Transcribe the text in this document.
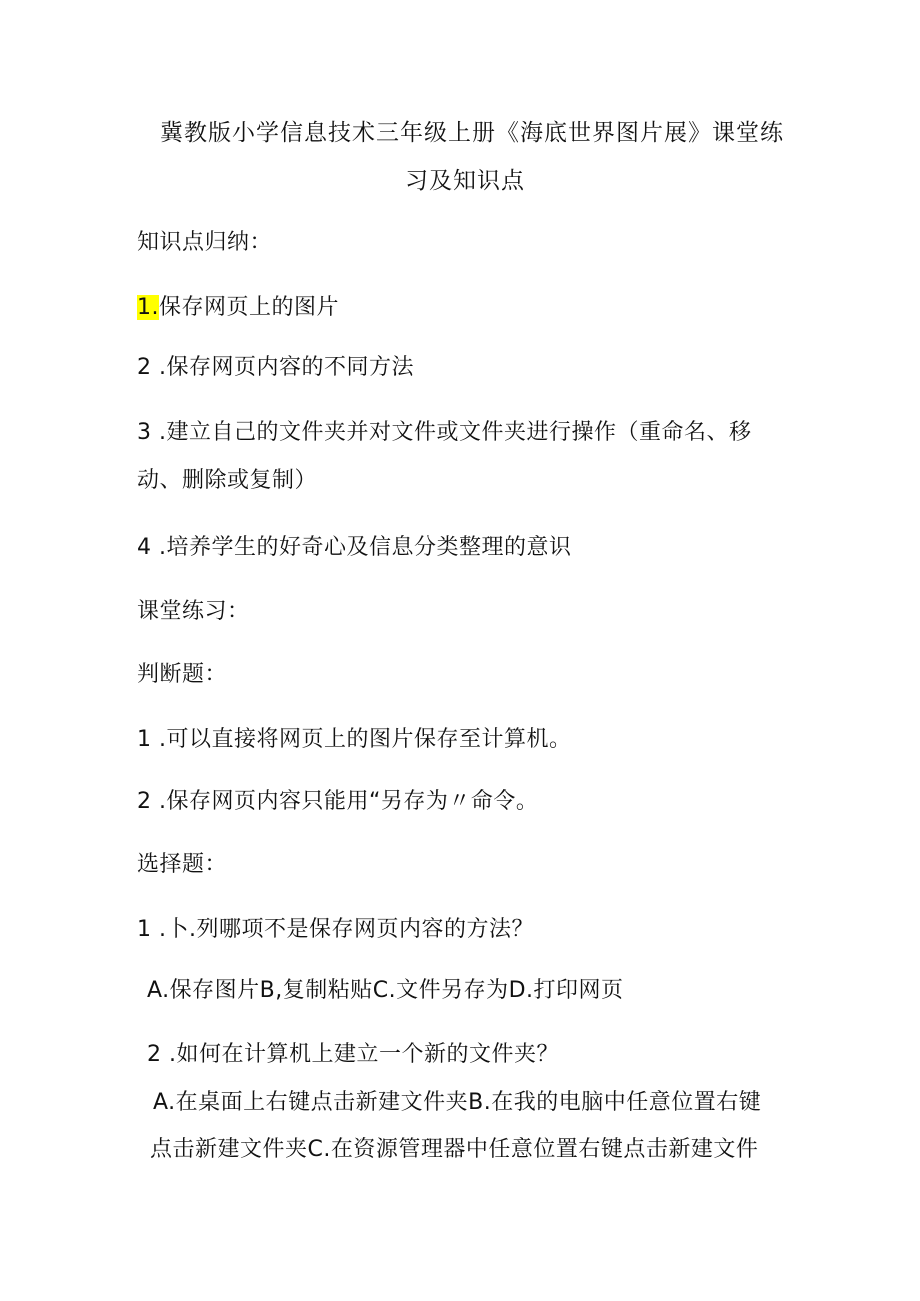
冀教版小学信息技术三年级上册《海底世界图片展》课堂练
习及知识点
知识点归纳：
1.保存网页上的图片
2 .保存网页内容的不同方法
3 .建立自己的文件夹并对文件或文件夹进行操作（重命名、移
动、删除或复制）
4 .培养学生的好奇心及信息分类整理的意识
课堂练习：
判断题：
1 .可以直接将网页上的图片保存至计算机。
2 .保存网页内容只能用“另存为〃命令。
选择题：
1 .卜.列哪项不是保存网页内容的方法？
A.保存图片B,复制粘贴C.文件另存为D.打印网页
2 .如何在计算机上建立一个新的文件夹？
A.在桌面上右键点击新建文件夹B.在我的电脑中任意位置右键
点击新建文件夹C.在资源管理器中任意位置右键点击新建文件
